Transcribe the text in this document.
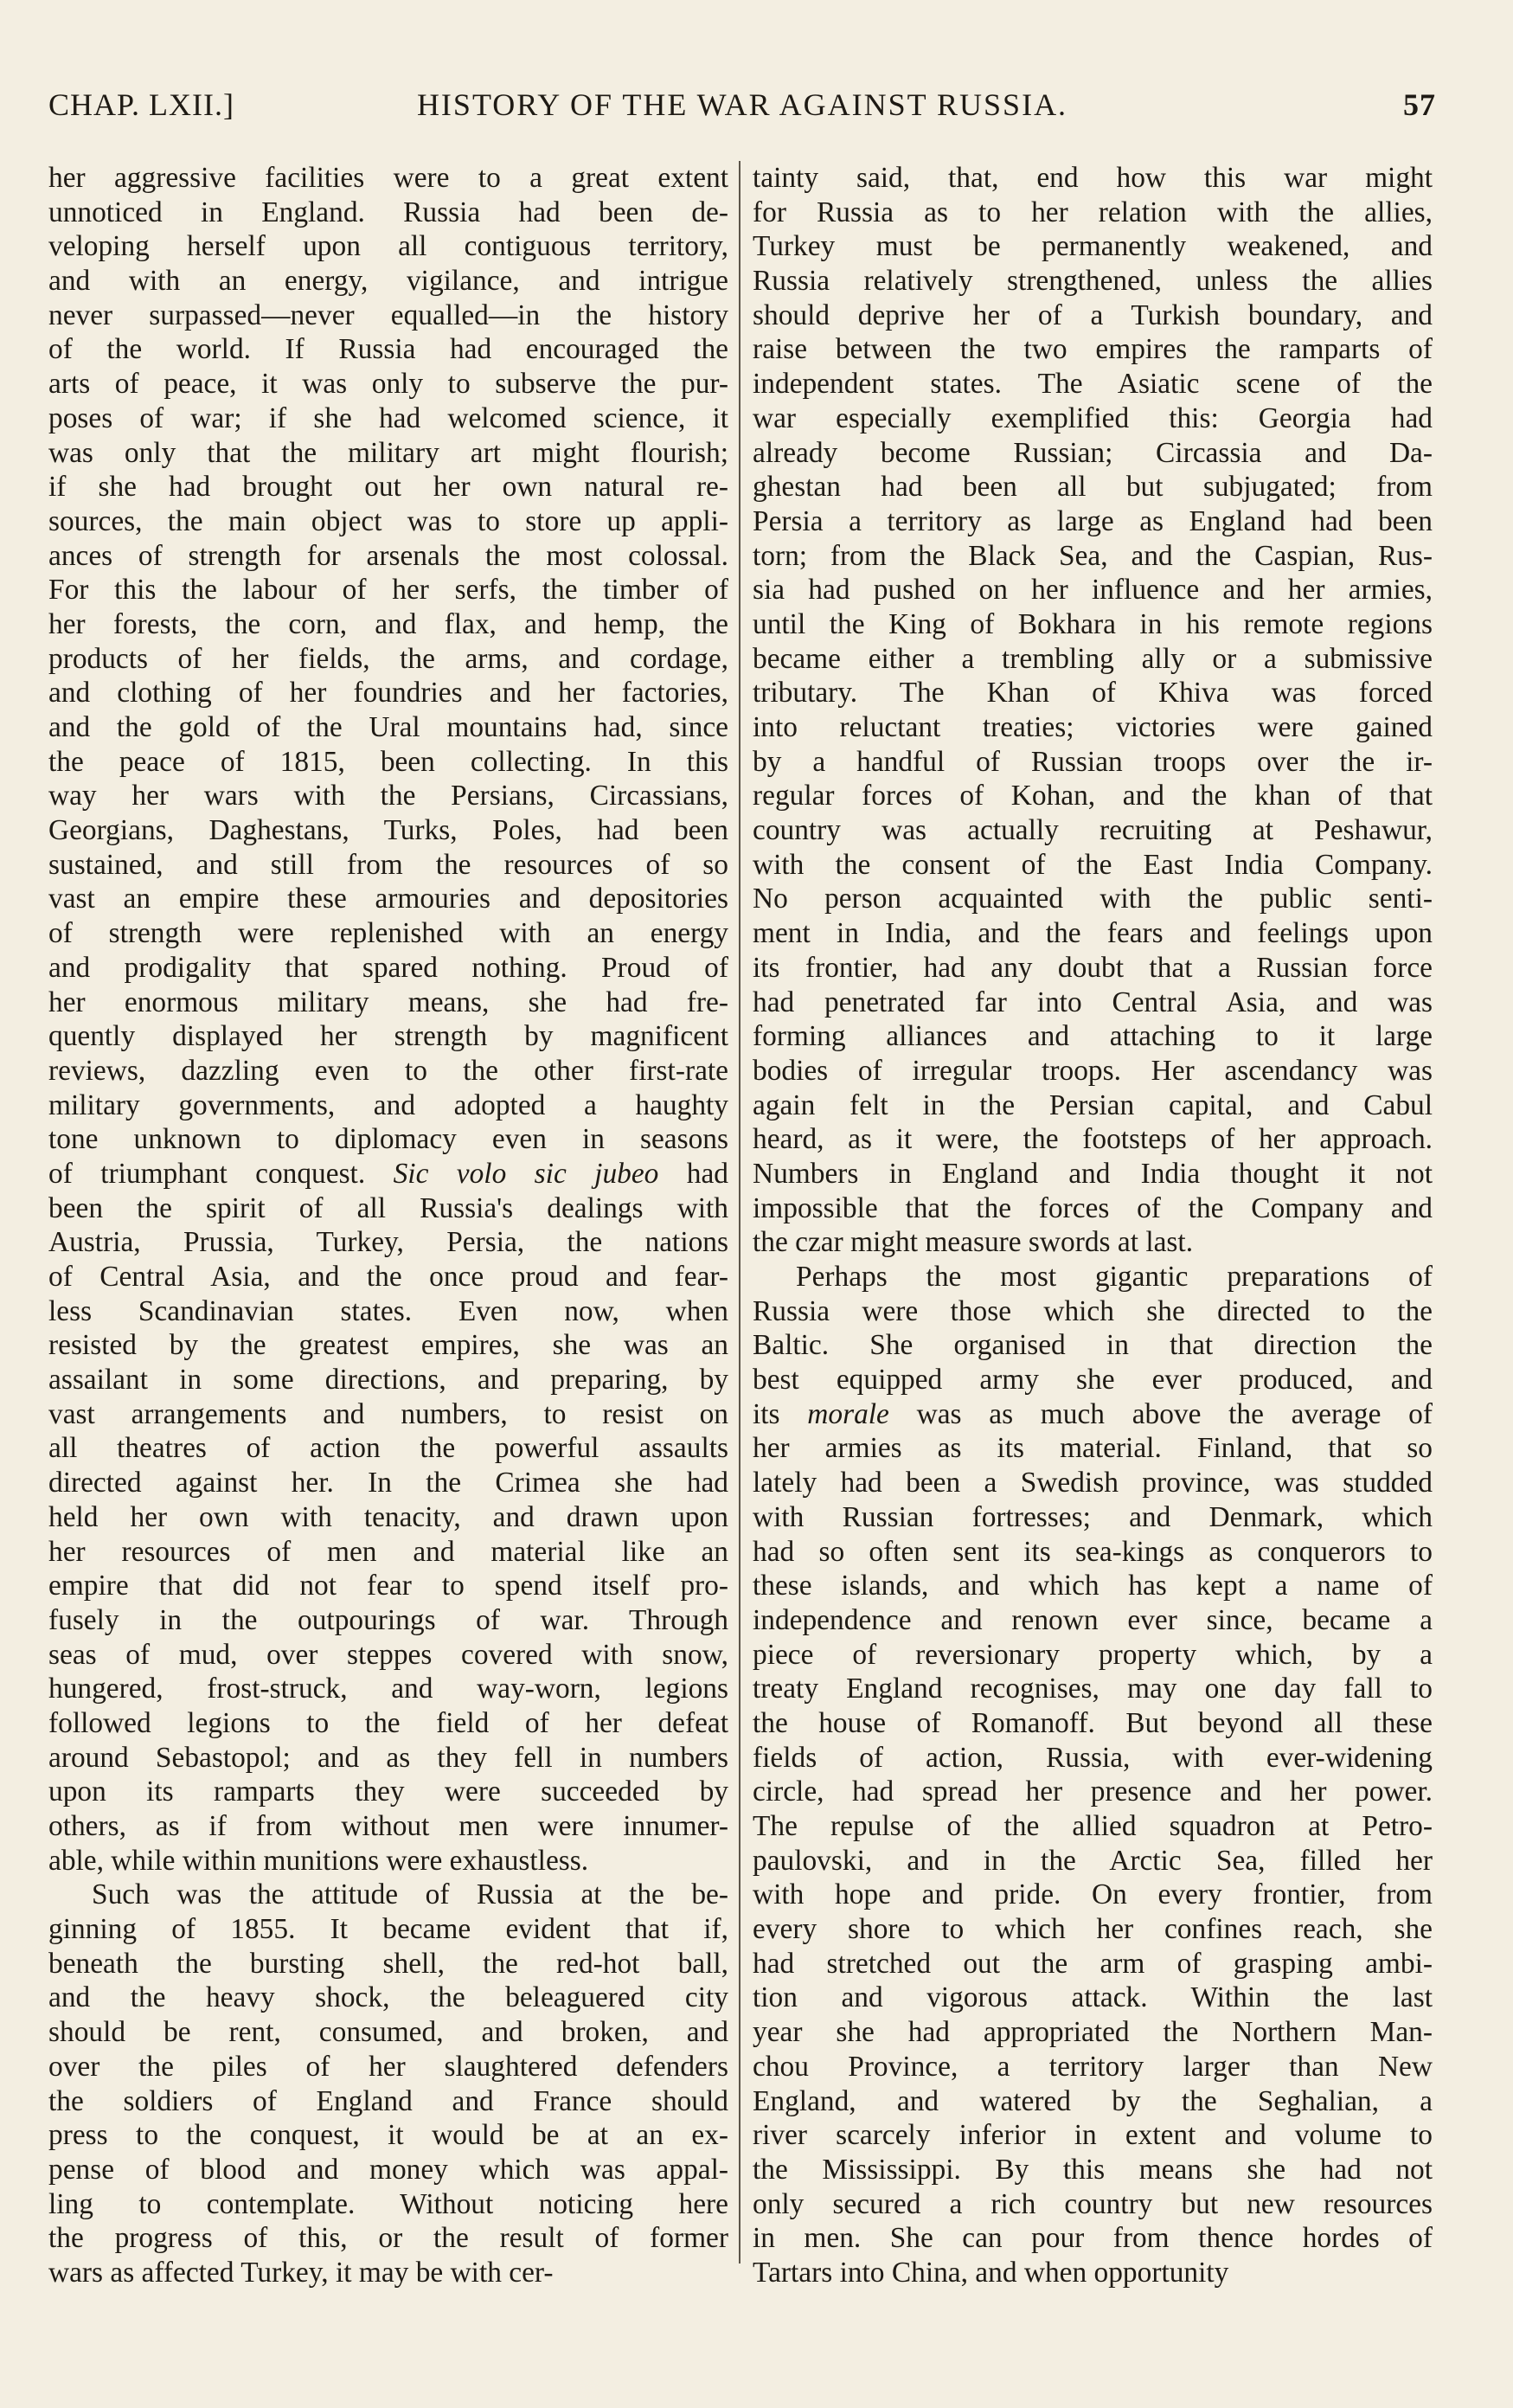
CHAP. LXII.]	HISTORY OF THE WAR AGAINST RUSSIA.	57
her aggressive facilities were to a great extent
unnoticed in England. Russia had been de-
veloping herself upon all contiguous territory,
and with an energy, vigilance, and intrigue
never surpassed—never equalled—in the history
of the world. If Russia had encouraged the
arts of peace, it was only to subserve the pur-
poses of war; if she had welcomed science, it
was only that the military art might flourish;
if she had brought out her own natural re-
sources, the main object was to store up appli-
ances of strength for arsenals the most colossal.
For this the labour of her serfs, the timber of
her forests, the corn, and flax, and hemp, the
products of her fields, the arms, and cordage,
and clothing of her foundries and her factories,
and the gold of the Ural mountains had, since
the peace of 1815, been collecting. In this
way her wars with the Persians, Circassians,
Georgians, Daghestans, Turks, Poles, had been
sustained, and still from the resources of so
vast an empire these armouries and depositories
of strength were replenished with an energy
and prodigality that spared nothing. Proud of
her enormous military means, she had fre-
quently displayed her strength by magnificent
reviews, dazzling even to the other first-rate
military governments, and adopted a haughty
tone unknown to diplomacy even in seasons
of triumphant conquest. Sic volo sic jubeo had
been the spirit of all Russia's dealings with
Austria, Prussia, Turkey, Persia, the nations
of Central Asia, and the once proud and fear-
less Scandinavian states. Even now, when
resisted by the greatest empires, she was an
assailant in some directions, and preparing, by
vast arrangements and numbers, to resist on
all theatres of action the powerful assaults
directed against her. In the Crimea she had
held her own with tenacity, and drawn upon
her resources of men and material like an
empire that did not fear to spend itself pro-
fusely in the outpourings of war. Through
seas of mud, over steppes covered with snow,
hungered, frost-struck, and way-worn, legions
followed legions to the field of her defeat
around Sebastopol; and as they fell in numbers
upon its ramparts they were succeeded by
others, as if from without men were innumer-
able, while within munitions were exhaustless.
Such was the attitude of Russia at the be-
ginning of 1855. It became evident that if,
beneath the bursting shell, the red-hot ball,
and the heavy shock, the beleaguered city
should be rent, consumed, and broken, and
over the piles of her slaughtered defenders
the soldiers of England and France should
press to the conquest, it would be at an ex-
pense of blood and money which was appal-
ling to contemplate. Without noticing here
the progress of this, or the result of former
wars as affected Turkey, it may be with cer-
tainty said, that, end how this war might
for Russia as to her relation with the allies,
Turkey must be permanently weakened, and
Russia relatively strengthened, unless the allies
should deprive her of a Turkish boundary, and
raise between the two empires the ramparts of
independent states. The Asiatic scene of the
war especially exemplified this: Georgia had
already become Russian; Circassia and Da-
ghestan had been all but subjugated; from
Persia a territory as large as England had been
torn; from the Black Sea, and the Caspian, Rus-
sia had pushed on her influence and her armies,
until the King of Bokhara in his remote regions
became either a trembling ally or a submissive
tributary. The Khan of Khiva was forced
into reluctant treaties; victories were gained
by a handful of Russian troops over the ir-
regular forces of Kohan, and the khan of that
country was actually recruiting at Peshawur,
with the consent of the East India Company.
No person acquainted with the public senti-
ment in India, and the fears and feelings upon
its frontier, had any doubt that a Russian force
had penetrated far into Central Asia, and was
forming alliances and attaching to it large
bodies of irregular troops. Her ascendancy was
again felt in the Persian capital, and Cabul
heard, as it were, the footsteps of her approach.
Numbers in England and India thought it not
impossible that the forces of the Company and
the czar might measure swords at last.
Perhaps the most gigantic preparations of
Russia were those which she directed to the
Baltic. She organised in that direction the
best equipped army she ever produced, and
its morale was as much above the average of
her armies as its material. Finland, that so
lately had been a Swedish province, was studded
with Russian fortresses; and Denmark, which
had so often sent its sea-kings as conquerors to
these islands, and which has kept a name of
independence and renown ever since, became a
piece of reversionary property which, by a
treaty England recognises, may one day fall to
the house of Romanoff. But beyond all these
fields of action, Russia, with ever-widening
circle, had spread her presence and her power.
The repulse of the allied squadron at Petro-
paulovski, and in the Arctic Sea, filled her
with hope and pride. On every frontier, from
every shore to which her confines reach, she
had stretched out the arm of grasping ambi-
tion and vigorous attack. Within the last
year she had appropriated the Northern Man-
chou Province, a territory larger than New
England, and watered by the Seghalian, a
river scarcely inferior in extent and volume to
the Mississippi. By this means she had not
only secured a rich country but new resources
in men. She can pour from thence hordes of
Tartars into China, and when opportunity
